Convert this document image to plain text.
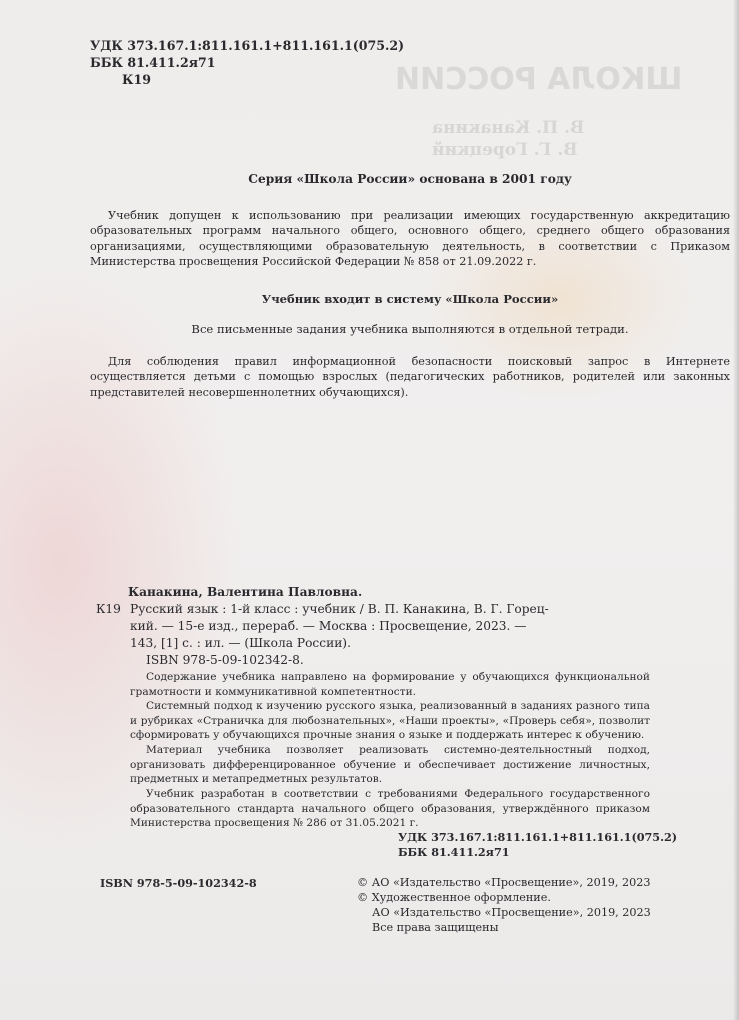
ШКОЛА РОССИИ
В. П. Канакина
В. Г. Горецкий
УДК 373.167.1:811.161.1+811.161.1(075.2)
ББК 81.411.2я71
К19
Серия «Школа России» основана в 2001 году
Учебник допущен к использованию при реализации имеющих государственную аккредитацию образовательных программ начального общего, основного общего, среднего общего образования организациями, осуществляющими образовательную деятельность, в соответствии с Приказом Министерства просвещения Российской Федерации № 858 от 21.09.2022 г.
Учебник входит в систему «Школа России»
Все письменные задания учебника выполняются в отдельной тетради.
Для соблюдения правил информационной безопасности поисковый запрос в Интернете осуществляется детьми с помощью взрослых (педагогических работников, родителей или законных представителей несовершеннолетних обучающихся).
Канакина, Валентина Павловна.
К19 Русский язык : 1-й класс : учебник / В. П. Канакина, В. Г. Горец-
кий. — 15-е изд., перераб. — Москва : Просвещение, 2023. —
143, [1] с. : ил. — (Школа России).
ISBN 978-5-09-102342-8.
Содержание учебника направлено на формирование у обучающихся функциональной грамотности и коммуникативной компетентности.
Системный подход к изучению русского языка, реализованный в заданиях разного типа и рубриках «Страничка для любознательных», «Наши проекты», «Проверь себя», позволит сформировать у обучающихся прочные знания о языке и поддержать интерес к обучению.
Материал учебника позволяет реализовать системно-деятельностный подход, организовать дифференцированное обучение и обеспечивает достижение личностных, предметных и метапредметных результатов.
Учебник разработан в соответствии с требованиями Федерального государственного образовательного стандарта начального общего образования, утверждённого приказом Министерства просвещения № 286 от 31.05.2021 г.
УДК 373.167.1:811.161.1+811.161.1(075.2)
ББК 81.411.2я71
ISBN 978-5-09-102342-8	© АО «Издательство «Просвещение», 2019, 2023
© Художественное оформление.
АО «Издательство «Просвещение», 2019, 2023
Все права защищены
